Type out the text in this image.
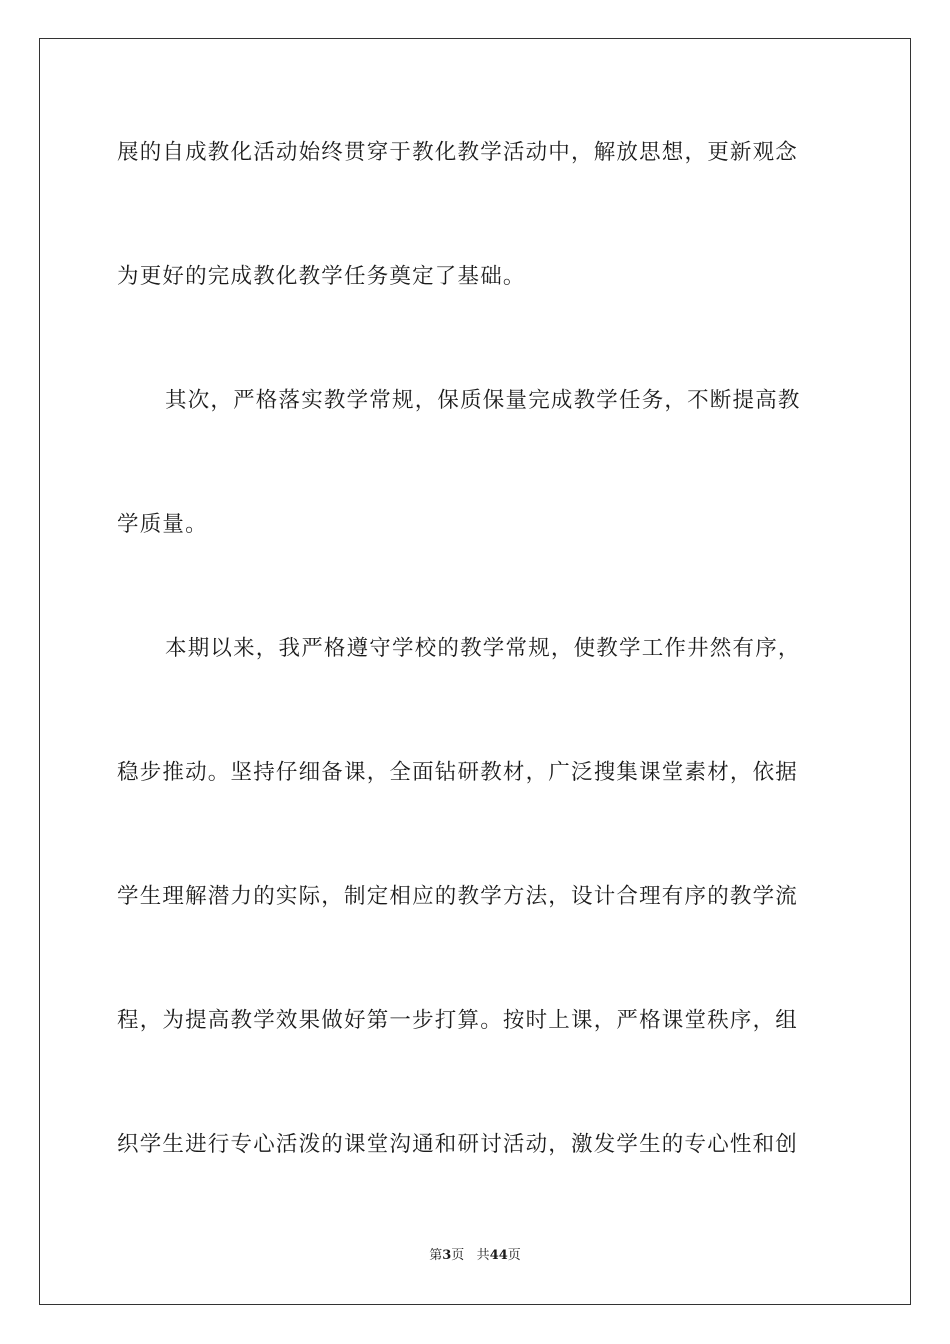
展的自成教化活动始终贯穿于教化教学活动中，解放思想，更新观念
为更好的完成教化教学任务奠定了基础。
其次，严格落实教学常规，保质保量完成教学任务，不断提高教
学质量。
本期以来，我严格遵守学校的教学常规，使教学工作井然有序，
稳步推动。坚持仔细备课，全面钻研教材，广泛搜集课堂素材，依据
学生理解潜力的实际，制定相应的教学方法，设计合理有序的教学流
程，为提高教学效果做好第一步打算。按时上课，严格课堂秩序，组
织学生进行专心活泼的课堂沟通和研讨活动，激发学生的专心性和创
第3页 共44页
